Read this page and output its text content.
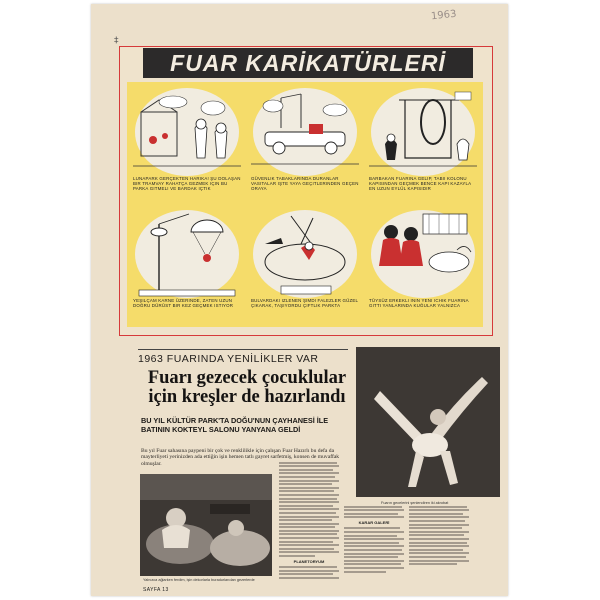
1963
‡
FUAR KARİKATÜRLERİ
LUNAPARK GERÇEKTEN HARIKA! ŞU DOLAŞAN BIR TRAMVAY RAHATÇA GEZMEK IÇIN BU PARKA GITMELI VE BARDAK IÇTIK
GÜVENLIK TABAKLARINDA DURANLAR VASITALAR IŞTE YAYA GEÇITLERINDEN GEÇEN ORAYA
BARBAKAN FUARINA GELIP, TABII KOLONU KAPISINDAN GEÇMEK BENCE KAPI KAZAYLA EN UZUN EYLÜL KAPISIDIR
YEŞILÇAM KARNE ÜZERINDE, ZATEN UZUN DOĞRU DÜRÜST BIR KEZ GEÇMEK ISTIYOR
BULVARDAKI IZLENEN ŞIMDI FALEZLER GÜZEL ÇIKARAK, TAŞIYORDU ÇIFTLIK PARKTA
TÜYSÜZ ERKEKLI ININ YENI ICHIK FUARINA GITTI YANLARINDA KUĞULAR YALNIZCA
1963 FUARINDA YENİLİKLER VAR
Fuarı gezecek çocuklular
için kreşler de hazırlandı
BU YIL KÜLTÜR PARK'TA DOĞU'NUN ÇAYHANESİ İLE
BATININ KOKTEYL SALONU YANYANA GELDİ
Bu yıl Fuar sahasına paypeni bir çok ve renklilikle için çalışan Fuar Hazırlı bu defa da mayterliyeti yerinizden ada ettiğin işin hemen tatlı gayret sarfetmiş, konsen de muvaffak olmuşlar.
Yalnızca ağlarken ferdim, işin dekorlarla buradurlarıdan gezerlerde
PLANETORYUM
KARAR GALERİ
Fuarın gecelerini şenlendiren iki akrobat
SAYFA 13
